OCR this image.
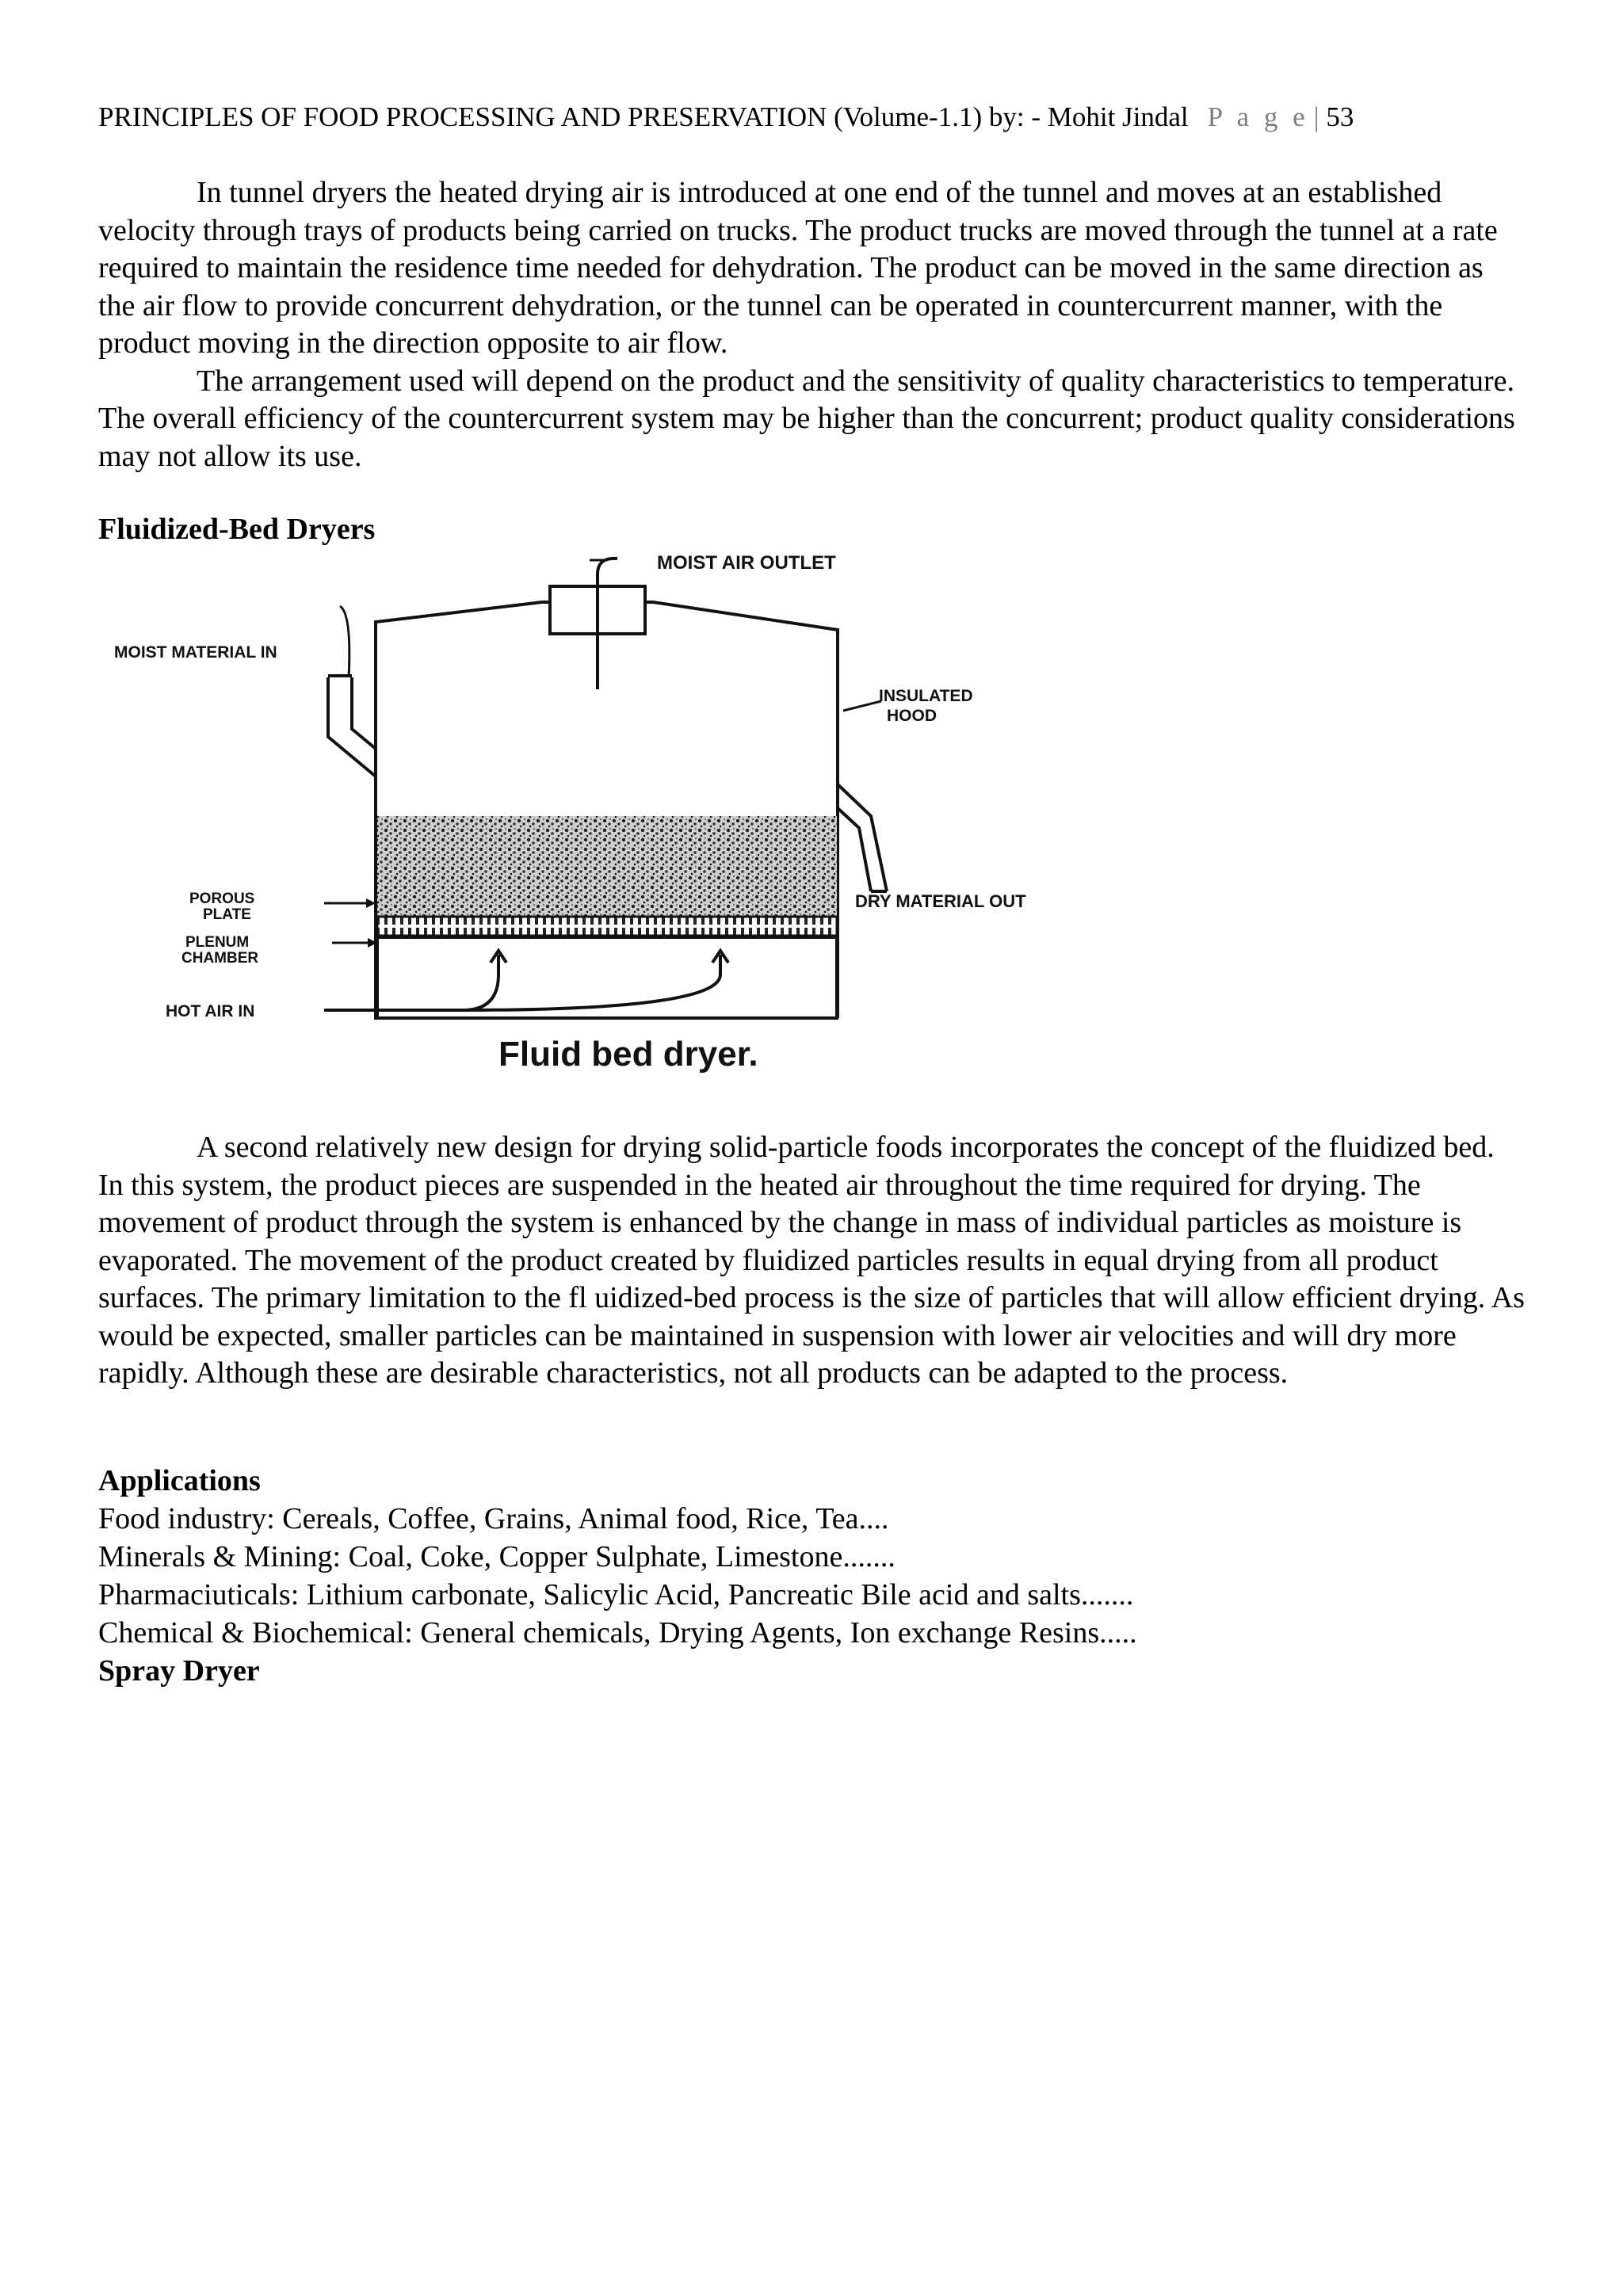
PRINCIPLES OF FOOD PROCESSING AND PRESERVATION (Volume-1.1) by: - Mohit Jindal P a g e | 53

In tunnel dryers the heated drying air is introduced at one end of the tunnel and moves at an established velocity through trays of products being carried on trucks. The product trucks are moved through the tunnel at a rate required to maintain the residence time needed for dehydration. The product can be moved in the same direction as the air flow to provide concurrent dehydration, or the tunnel can be operated in countercurrent manner, with the product moving in the direction opposite to air flow.

The arrangement used will depend on the product and the sensitivity of quality characteristics to temperature. The overall efficiency of the countercurrent system may be higher than the concurrent; product quality considerations may not allow its use.

Fluidized-Bed Dryers
MOIST AIR OUTLET
MOIST MATERIAL IN
INSULATED
HOOD
POROUS
PLATE
PLENUM
CHAMBER
DRY MATERIAL OUT
HOT AIR IN
Fluid bed dryer.

A second relatively new design for drying solid-particle foods incorporates the concept of the fluidized bed. In this system, the product pieces are suspended in the heated air throughout the time required for drying. The movement of product through the system is enhanced by the change in mass of individual particles as moisture is evaporated. The movement of the product created by fluidized particles results in equal drying from all product surfaces. The primary limitation to the fl uidized-bed process is the size of particles that will allow efficient drying. As would be expected, smaller particles can be maintained in suspension with lower air velocities and will dry more rapidly. Although these are desirable characteristics, not all products can be adapted to the process.

Applications
Food industry: Cereals, Coffee, Grains, Animal food, Rice, Tea....
Minerals & Mining: Coal, Coke, Copper Sulphate, Limestone.......
Pharmaciuticals: Lithium carbonate, Salicylic Acid, Pancreatic Bile acid and salts.......
Chemical & Biochemical: General chemicals, Drying Agents, Ion exchange Resins.....
Spray Dryer
